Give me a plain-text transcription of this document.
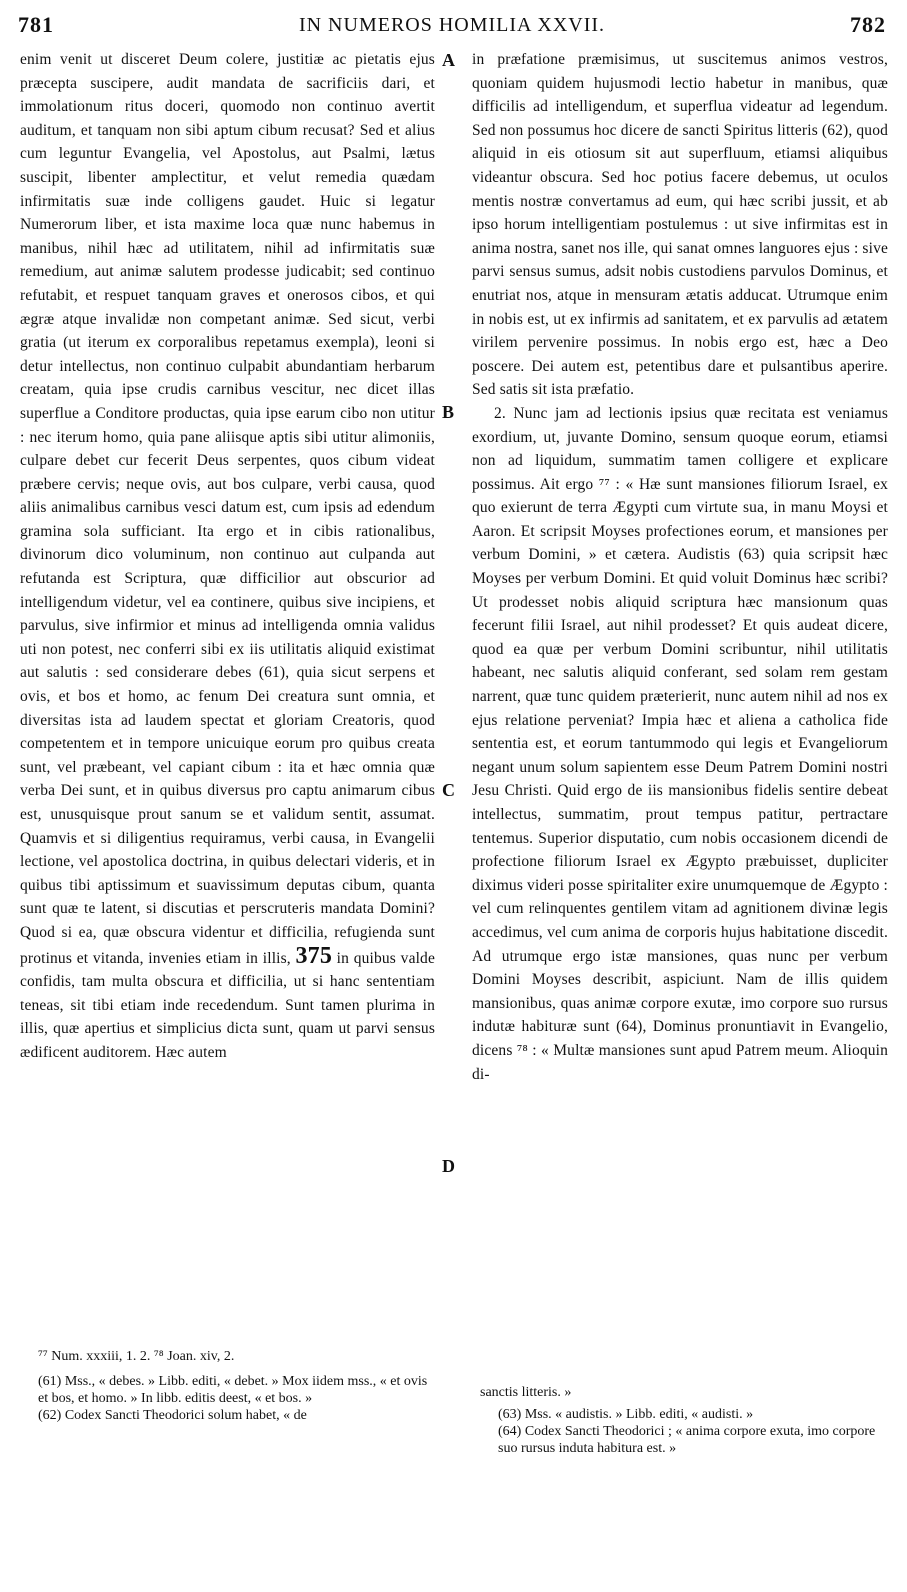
781	IN NUMEROS HOMILIA XXVII.	782
A
B
C
D

enim venit ut disceret Deum colere, justitiæ ac pietatis ejus præcepta suscipere, audit mandata de sacrificiis dari, et immolationum ritus doceri, quomodo non continuo avertit auditum, et tanquam non sibi aptum cibum recusat? Sed et alius cum leguntur Evangelia, vel Apostolus, aut Psalmi, lætus suscipit, libenter amplectitur, et velut remedia quædam infirmitatis suæ inde colligens gaudet. Huic si legatur Numerorum liber, et ista maxime loca quæ nunc habemus in manibus, nihil hæc ad utilitatem, nihil ad infirmitatis suæ remedium, aut animæ salutem prodesse judicabit; sed continuo refutabit, et respuet tanquam graves et onerosos cibos, et qui ægræ atque invalidæ non competant animæ. Sed sicut, verbi gratia (ut iterum ex corporalibus repetamus exempla), leoni si detur intellectus, non continuo culpabit abundantiam herbarum creatam, quia ipse crudis carnibus vescitur, nec dicet illas superflue a Conditore productas, quia ipse earum cibo non utitur : nec iterum homo, quia pane aliisque aptis sibi utitur alimoniis, culpare debet cur fecerit Deus serpentes, quos cibum videat præbere cervis; neque ovis, aut bos culpare, verbi causa, quod aliis animalibus carnibus vesci datum est, cum ipsis ad edendum gramina sola sufficiant. Ita ergo et in cibis rationalibus, divinorum dico voluminum, non continuo aut culpanda aut refutanda est Scriptura, quæ difficilior aut obscurior ad intelligendum videtur, vel ea continere, quibus sive incipiens, et parvulus, sive infirmior et minus ad intelligenda omnia validus uti non potest, nec conferri sibi ex iis utilitatis aliquid existimat aut salutis : sed considerare debes (61), quia sicut serpens et ovis, et bos et homo, ac fenum Dei creatura sunt omnia, et diversitas ista ad laudem spectat et gloriam Creatoris, quod competentem et in tempore unicuique eorum pro quibus creata sunt, vel præbeant, vel capiant cibum : ita et hæc omnia quæ verba Dei sunt, et in quibus diversus pro captu animarum cibus est, unusquisque prout sanum se et validum sentit, assumat. Quamvis et si diligentius requiramus, verbi causa, in Evangelii lectione, vel apostolica doctrina, in quibus delectari videris, et in quibus tibi aptissimum et suavissimum deputas cibum, quanta sunt quæ te latent, si discutias et perscruteris mandata Domini? Quod si ea, quæ obscura videntur et difficilia, refugienda sunt protinus et vitanda, invenies etiam in illis, 375 in quibus valde confidis, tam multa obscura et difficilia, ut si hanc sententiam teneas, sit tibi etiam inde recedendum. Sunt tamen plurima in illis, quæ apertius et simplicius dicta sunt, quam ut parvi sensus ædificent auditorem. Hæc autem

in præfatione præmisimus, ut suscitemus animos vestros, quoniam quidem hujusmodi lectio habetur in manibus, quæ difficilis ad intelligendum, et superflua videatur ad legendum. Sed non possumus hoc dicere de sancti Spiritus litteris (62), quod aliquid in eis otiosum sit aut superfluum, etiamsi aliquibus videantur obscura. Sed hoc potius facere debemus, ut oculos mentis nostræ convertamus ad eum, qui hæc scribi jussit, et ab ipso horum intelligentiam postulemus : ut sive infirmitas est in anima nostra, sanet nos ille, qui sanat omnes languores ejus : sive parvi sensus sumus, adsit nobis custodiens parvulos Dominus, et enutriat nos, atque in mensuram ætatis adducat. Utrumque enim in nobis est, ut ex infirmis ad sanitatem, et ex parvulis ad ætatem virilem pervenire possimus. In nobis ergo est, hæc a Deo poscere. Dei autem est, petentibus dare et pulsantibus aperire. Sed satis sit ista præfatio.

2. Nunc jam ad lectionis ipsius quæ recitata est veniamus exordium, ut, juvante Domino, sensum quoque eorum, etiamsi non ad liquidum, summatim tamen colligere et explicare possimus. Ait ergo ⁷⁷ : « Hæ sunt mansiones filiorum Israel, ex quo exierunt de terra Ægypti cum virtute sua, in manu Moysi et Aaron. Et scripsit Moyses profectiones eorum, et mansiones per verbum Domini, » et cætera. Audistis (63) quia scripsit hæc Moyses per verbum Domini. Et quid voluit Dominus hæc scribi? Ut prodesset nobis aliquid scriptura hæc mansionum quas fecerunt filii Israel, aut nihil prodesset? Et quis audeat dicere, quod ea quæ per verbum Domini scribuntur, nihil utilitatis habeant, nec salutis aliquid conferant, sed solam rem gestam narrent, quæ tunc quidem præterierit, nunc autem nihil ad nos ex ejus relatione perveniat? Impia hæc et aliena a catholica fide sententia est, et eorum tantummodo qui legis et Evangeliorum negant unum solum sapientem esse Deum Patrem Domini nostri Jesu Christi. Quid ergo de iis mansionibus fidelis sentire debeat intellectus, summatim, prout tempus patitur, pertractare tentemus. Superior disputatio, cum nobis occasionem dicendi de profectione filiorum Israel ex Ægypto præbuisset, dupliciter diximus videri posse spiritaliter exire unumquemque de Ægypto : vel cum relinquentes gentilem vitam ad agnitionem divinæ legis accedimus, vel cum anima de corporis hujus habitatione discedit. Ad utrumque ergo istæ mansiones, quas nunc per verbum Domini Moyses describit, aspiciunt. Nam de illis quidem mansionibus, quas animæ corpore exutæ, imo corpore suo rursus indutæ habituræ sunt (64), Dominus pronuntiavit in Evangelio, dicens ⁷⁸ : « Multæ mansiones sunt apud Patrem meum. Alioquin di-

⁷⁷ Num. xxxiii, 1. 2. ⁷⁸ Joan. xiv, 2.
(61) Mss., « debes. » Libb. editi, « debet. » Mox iidem mss., « et ovis et bos, et homo. » In libb. editis deest, « et bos. »
(62) Codex Sancti Theodorici solum habet, « de
sanctis litteris. »
(63) Mss. « audistis. » Libb. editi, « audisti. »
(64) Codex Sancti Theodorici ; « anima corpore exuta, imo corpore suo rursus induta habitura est. »
